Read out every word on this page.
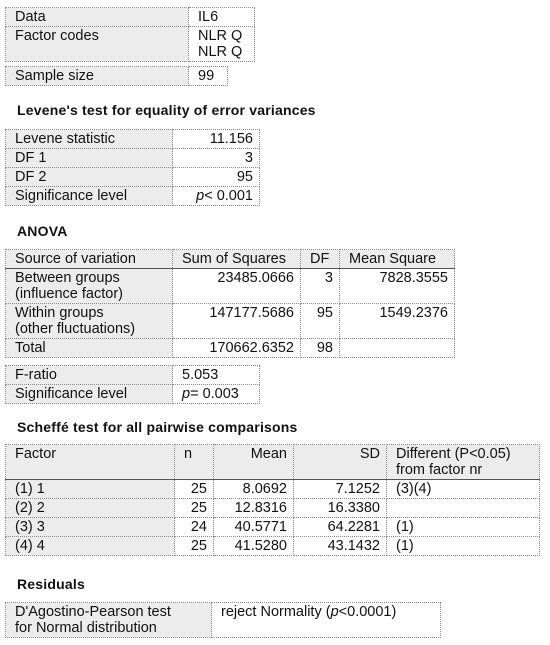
Data	IL6
Factor codes	NLR Q
NLR Q
Sample size	99
Levene's test for equality of error variances
Levene statistic	11.156
DF 1	3
DF 2	95
Significance level	p< 0.001
ANOVA
Source of variation	Sum of Squares	DF	Mean Square
Between groups
(influence factor)	23485.0666	3	7828.3555
Within groups
(other fluctuations)	147177.5686	95	1549.2376
Total	170662.6352	98	
F-ratio	5.053
Significance level	p= 0.003
Scheffé test for all pairwise comparisons
Factor	n	Mean	SD	Different (P<0.05)
from factor nr
(1) 1	25	8.0692	7.1252	(3)(4)
(2) 2	25	12.8316	16.3380	
(3) 3	24	40.5771	64.2281	(1)
(4) 4	25	41.5280	43.1432	(1)
Residuals
D'Agostino-Pearson test
for Normal distribution	reject Normality (p<0.0001)
